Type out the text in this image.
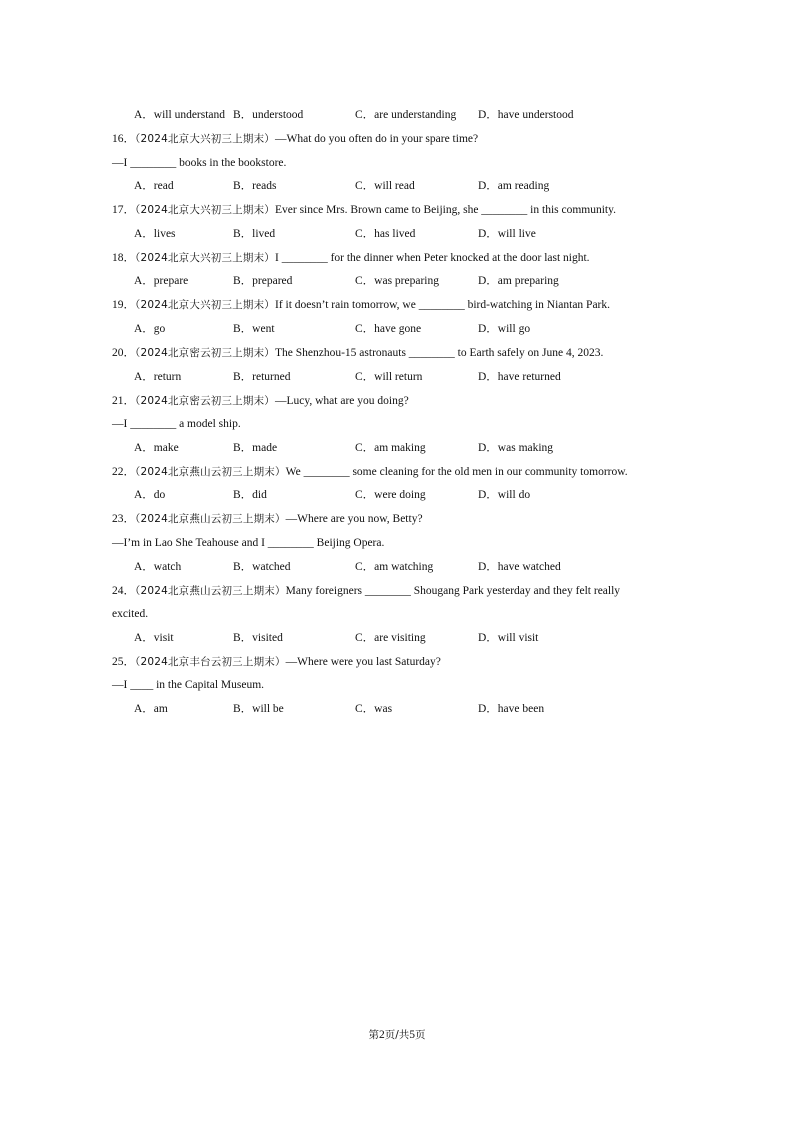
A．will understand B．understood	C．are understanding D．have understood
16．（2024北京大兴初三上期末）—What do you often do in your spare time?
—I ________ books in the bookstore.
A．read	B．reads	C．will read	D．am reading
17．（2024北京大兴初三上期末）Ever since Mrs. Brown came to Beijing, she ________ in this community.
A．lives	B．lived	C．has lived	D．will live
18．（2024北京大兴初三上期末）I ________ for the dinner when Peter knocked at the door last night.
A．prepare	B．prepared	C．was preparing	D．am preparing
19．（2024北京大兴初三上期末）If it doesn’t rain tomorrow, we ________ bird-watching in Niantan Park.
A．go	B．went	C．have gone	D．will go
20．（2024北京密云初三上期末）The Shenzhou-15 astronauts ________ to Earth safely on June 4, 2023.
A．return	B．returned	C．will return	D．have returned
21．（2024北京密云初三上期末）—Lucy, what are you doing?
—I ________ a model ship.
A．make	B．made	C．am making	D．was making
22．（2024北京燕山云初三上期末）We ________ some cleaning for the old men in our community tomorrow.
A．do	B．did	C．were doing	D．will do
23．（2024北京燕山云初三上期末）—Where are you now, Betty?
—I’m in Lao She Teahouse and I ________ Beijing Opera.
A．watch	B．watched	C．am watching	D．have watched
24．（2024北京燕山云初三上期末）Many foreigners ________ Shougang Park yesterday and they felt really
excited.
A．visit	B．visited	C．are visiting	D．will visit
25．（2024北京丰台云初三上期末）—Where were you last Saturday?
—I ____ in the Capital Museum.
A．am	B．will be	C．was	D．have been
第2页/共5页
